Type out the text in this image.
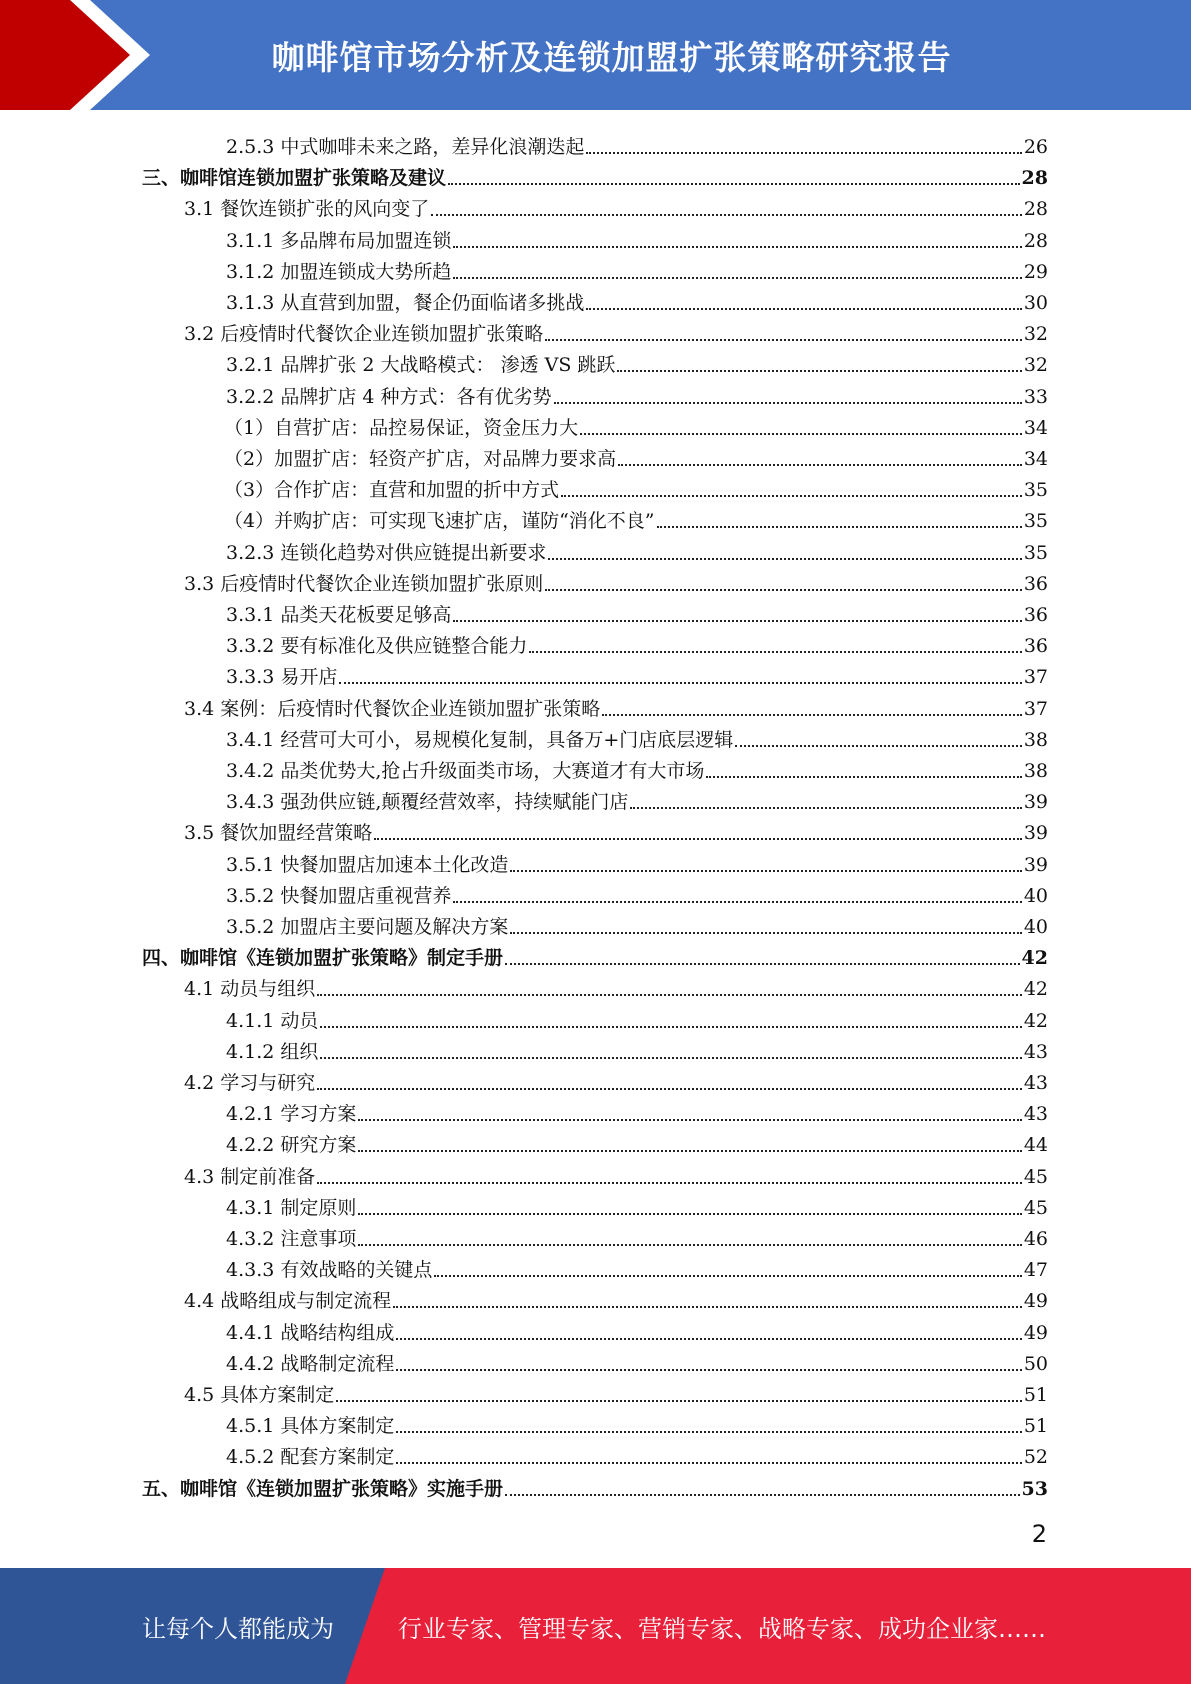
咖啡馆市场分析及连锁加盟扩张策略研究报告
2.5.3 中式咖啡未来之路，差异化浪潮迭起	26
三、咖啡馆连锁加盟扩张策略及建议	28
3.1 餐饮连锁扩张的风向变了	28
3.1.1 多品牌布局加盟连锁	28
3.1.2 加盟连锁成大势所趋	29
3.1.3 从直营到加盟，餐企仍面临诸多挑战	30
3.2 后疫情时代餐饮企业连锁加盟扩张策略	32
3.2.1 品牌扩张 2 大战略模式： 渗透 VS 跳跃	32
3.2.2 品牌扩店 4 种方式：各有优劣势	33
（1）自营扩店：品控易保证，资金压力大	34
（2）加盟扩店：轻资产扩店，对品牌力要求高	34
（3）合作扩店：直营和加盟的折中方式	35
（4）并购扩店：可实现飞速扩店，谨防“消化不良”	35
3.2.3 连锁化趋势对供应链提出新要求	35
3.3 后疫情时代餐饮企业连锁加盟扩张原则	36
3.3.1 品类天花板要足够高	36
3.3.2 要有标准化及供应链整合能力	36
3.3.3 易开店	37
3.4 案例：后疫情时代餐饮企业连锁加盟扩张策略	37
3.4.1 经营可大可小，易规模化复制，具备万+门店底层逻辑	38
3.4.2 品类优势大,抢占升级面类市场，大赛道才有大市场	38
3.4.3 强劲供应链,颠覆经营效率，持续赋能门店	39
3.5 餐饮加盟经营策略	39
3.5.1 快餐加盟店加速本土化改造	39
3.5.2 快餐加盟店重视营养	40
3.5.2 加盟店主要问题及解决方案	40
四、咖啡馆《连锁加盟扩张策略》制定手册	42
4.1 动员与组织	42
4.1.1 动员	42
4.1.2 组织	43
4.2 学习与研究	43
4.2.1 学习方案	43
4.2.2 研究方案	44
4.3 制定前准备	45
4.3.1 制定原则	45
4.3.2 注意事项	46
4.3.3 有效战略的关键点	47
4.4 战略组成与制定流程	49
4.4.1 战略结构组成	49
4.4.2 战略制定流程	50
4.5 具体方案制定	51
4.5.1 具体方案制定	51
4.5.2 配套方案制定	52
五、咖啡馆《连锁加盟扩张策略》实施手册	53
2
让每个人都能成为	行业专家、管理专家、营销专家、战略专家、成功企业家……
